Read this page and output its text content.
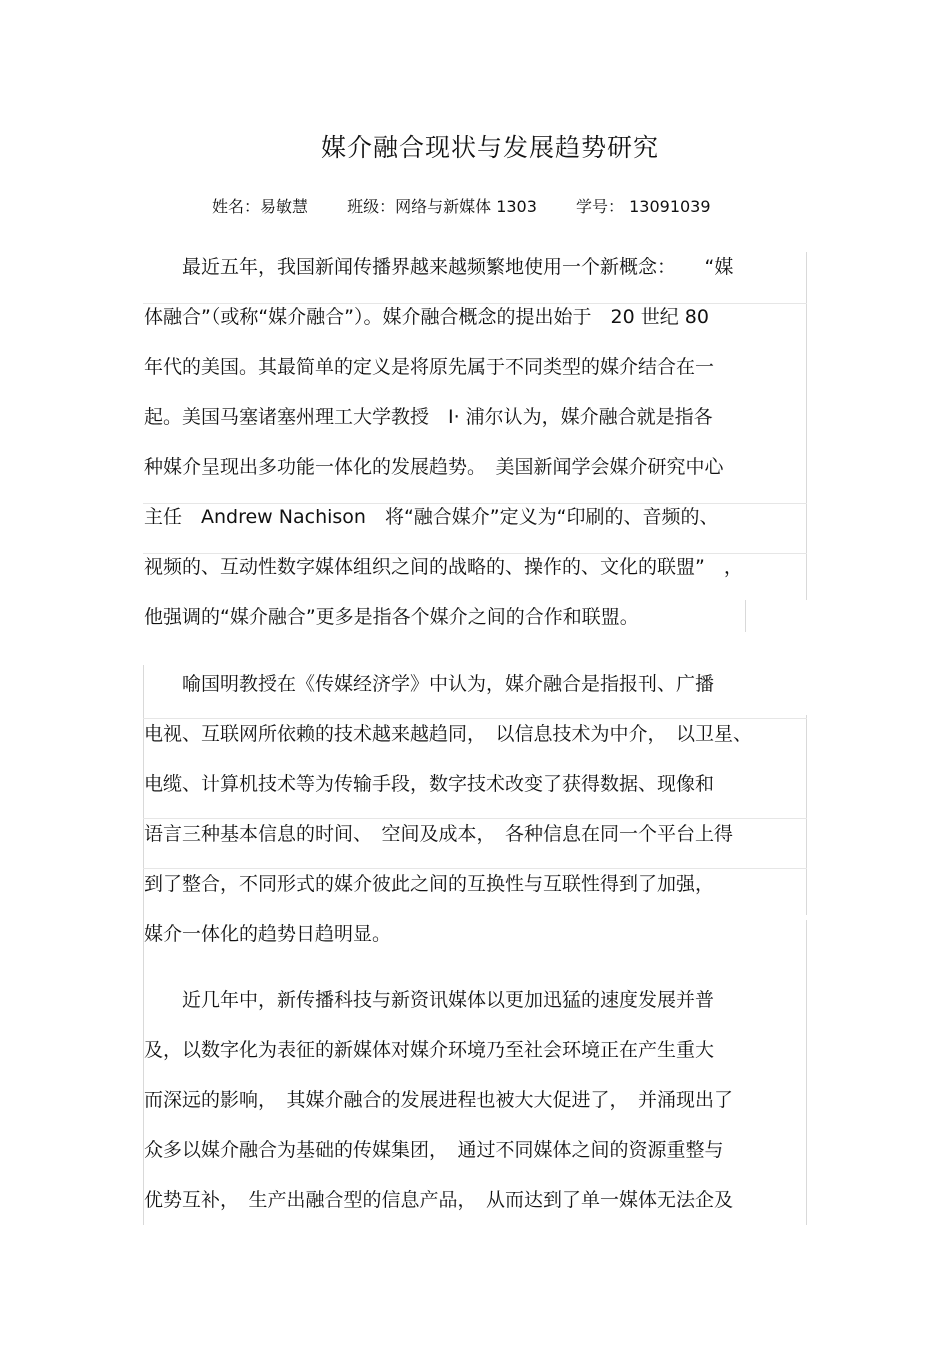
媒介融合现状与发展趋势研究
姓名：易敏慧 班级：网络与新媒体 1303 学号： 13091039
　　最近五年，我国新闻传播界越来越频繁地使用一个新概念：　　“媒
体融合”（或称“媒介融合”）。媒介融合概念的提出始于　20 世纪 80
年代的美国。其最简单的定义是将原先属于不同类型的媒介结合在一
起。美国马塞诸塞州理工大学教授　I· 浦尔认为，媒介融合就是指各
种媒介呈现出多功能一体化的发展趋势。　美国新闻学会媒介研究中心
主任　Andrew Nachison　将“融合媒介”定义为“印刷的、音频的、
视频的、互动性数字媒体组织之间的战略的、操作的、文化的联盟”　，
他强调的“媒介融合”更多是指各个媒介之间的合作和联盟。
　　喻国明教授在《传媒经济学》中认为，媒介融合是指报刊、广播
电视、互联网所依赖的技术越来越趋同，　以信息技术为中介，　以卫星、
电缆、计算机技术等为传输手段，数字技术改变了获得数据、现像和
语言三种基本信息的时间、　空间及成本，　各种信息在同一个平台上得
到了整合，不同形式的媒介彼此之间的互换性与互联性得到了加强，
媒介一体化的趋势日趋明显。
　　近几年中，新传播科技与新资讯媒体以更加迅猛的速度发展并普
及，以数字化为表征的新媒体对媒介环境乃至社会环境正在产生重大
而深远的影响，　其媒介融合的发展进程也被大大促进了，　并涌现出了
众多以媒介融合为基础的传媒集团，　通过不同媒体之间的资源重整与
优势互补，　生产出融合型的信息产品，　从而达到了单一媒体无法企及
